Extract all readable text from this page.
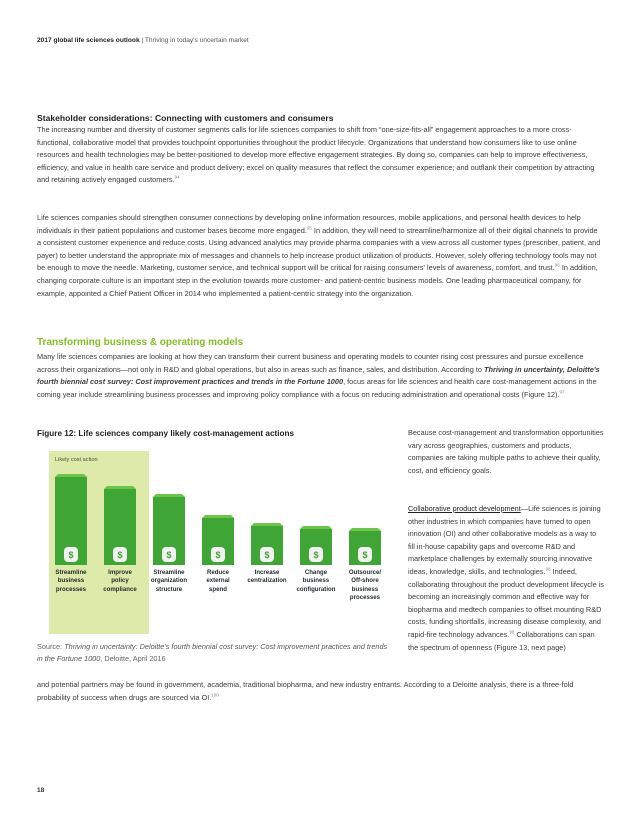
2017 global life sciences outlook | Thriving in today's uncertain market
Stakeholder considerations: Connecting with customers and consumers

The increasing number and diversity of customer segments calls for life sciences companies to shift from “one-size-fits-all” engagement approaches to a more cross-functional, collaborative model that provides touchpoint opportunities throughout the product lifecycle. Organizations that understand how consumers like to use online resources and health technologies may be better-positioned to develop more effective engagement strategies. By doing so, companies can help to improve effectiveness, efficiency, and value in health care service and product delivery; excel on quality measures that reflect the consumer experience; and outflank their competition by attracting and retaining actively engaged customers.$^{94}$

Life sciences companies should strengthen consumer connections by developing online information resources, mobile applications, and personal health devices to help individuals in their patient populations and customer bases become more engaged.$^{95}$ In addition, they will need to streamline/harmonize all of their digital channels to provide a consistent customer experience and reduce costs. Using advanced analytics may provide pharma companies with a view across all customer types (prescriber, patient, and payer) to better understand the appropriate mix of messages and channels to help increase product utilization of products. However, solely offering technology tools may not be enough to move the needle. Marketing, customer service, and technical support will be critical for raising consumers' levels of awareness, comfort, and trust.$^{96}$ In addition, changing corporate culture is an important step in the evolution towards more customer- and patient-centric business models. One leading pharmaceutical company, for example, appointed a Chief Patient Officer in 2014 who implemented a patient-centric strategy into the organization.

Transforming business & operating models

Many life sciences companies are looking at how they can transform their current business and operating models to counter rising cost pressures and pursue excellence across their organizations—not only in R&D and global operations, but also in areas such as finance, sales, and distribution. According to Thriving in uncertainty, Deloitte's fourth biennial cost survey: Cost improvement practices and trends in the Fortune 1000, focus areas for life sciences and health care cost-management actions in the coming year include streamlining business processes and improving policy compliance with a focus on reducing administration and operational costs (Figure 12).$^{97}$

Figure 12: Life sciences company likely cost-management actions
$	$	$	$	$	$	$
Likely cost action
Streamline
business
processes
Improve
policy
compliance
Streamline
organization
structure
Reduce
external
spend
Increase
centralization
Change
business
configuration
Outsource/
Off-shore
business
processes

Source: Thriving in uncertainty: Deloitte's fourth biennial cost survey: Cost improvement practices and trends in the Fortune 1000, Deloitte, April 2016

Because cost-management and transformation opportunities vary across geographies, customers and products, companies are taking multiple paths to achieve their quality, cost, and efficiency goals.

Collaborative product development—Life sciences is joining other industries in which companies have turned to open innovation (OI) and other collaborative models as a way to fill in-house capability gaps and overcome R&D and marketplace challenges by externally sourcing innovative ideas, knowledge, skills, and technologies.$^{98}$ Indeed, collaborating throughout the product development lifecycle is becoming an increasingly common and effective way for biopharma and medtech companies to offset mounting R&D costs, funding shortfalls, increasing disease complexity, and rapid-fire technology advances.$^{99}$ Collaborations can span the spectrum of openness (Figure 13, next page)

and potential partners may be found in government, academia, traditional biopharma, and new industry entrants. According to a Deloitte analysis, there is a three-fold probability of success when drugs are sourced via OI.$^{100}$

18
